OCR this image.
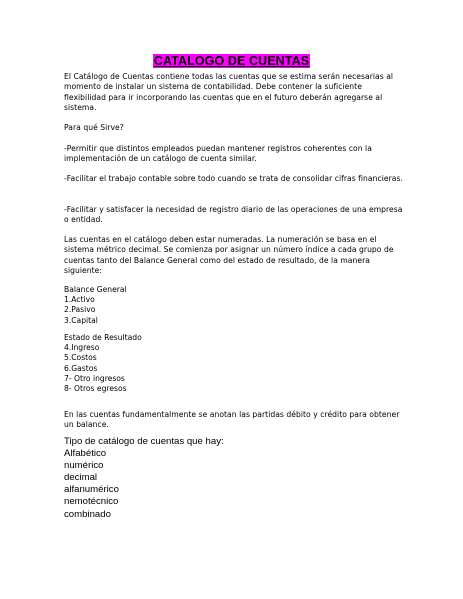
CATALOGO DE CUENTAS

El Catálogo de Cuentas contiene todas las cuentas que se estima serán necesarias al momento de instalar un sistema de contabilidad. Debe contener la suficiente flexibilidad para ir incorporando las cuentas que en el futuro deberán agregarse al sistema.

Para qué Sirve?

-Permitir que distintos empleados puedan mantener registros coherentes con la implementación de un catálogo de cuenta similar.

-Facilitar el trabajo contable sobre todo cuando se trata de consolidar cifras financieras.

-Facilitar y satisfacer la necesidad de registro diario de las operaciones de una empresa o entidad.

Las cuentas en el catálogo deben estar numeradas. La numeración se basa en el sistema métrico decimal. Se comienza por asignar un número índice a cada grupo de cuentas tanto del Balance General como del estado de resultado, de la manera siguiente:

Balance General

1.Activo
2.Pasivo
3.Capital

Estado de Resultado

4.Ingreso
5.Costos
6.Gastos
7- Otro ingresos
8- Otros egresos

En las cuentas fundamentalmente se anotan las partidas débito y crédito para obtener un balance.

Tipo de catálogo de cuentas que hay:

Alfabético
numérico
decimal
alfanumérico
nemotécnico
combinado
